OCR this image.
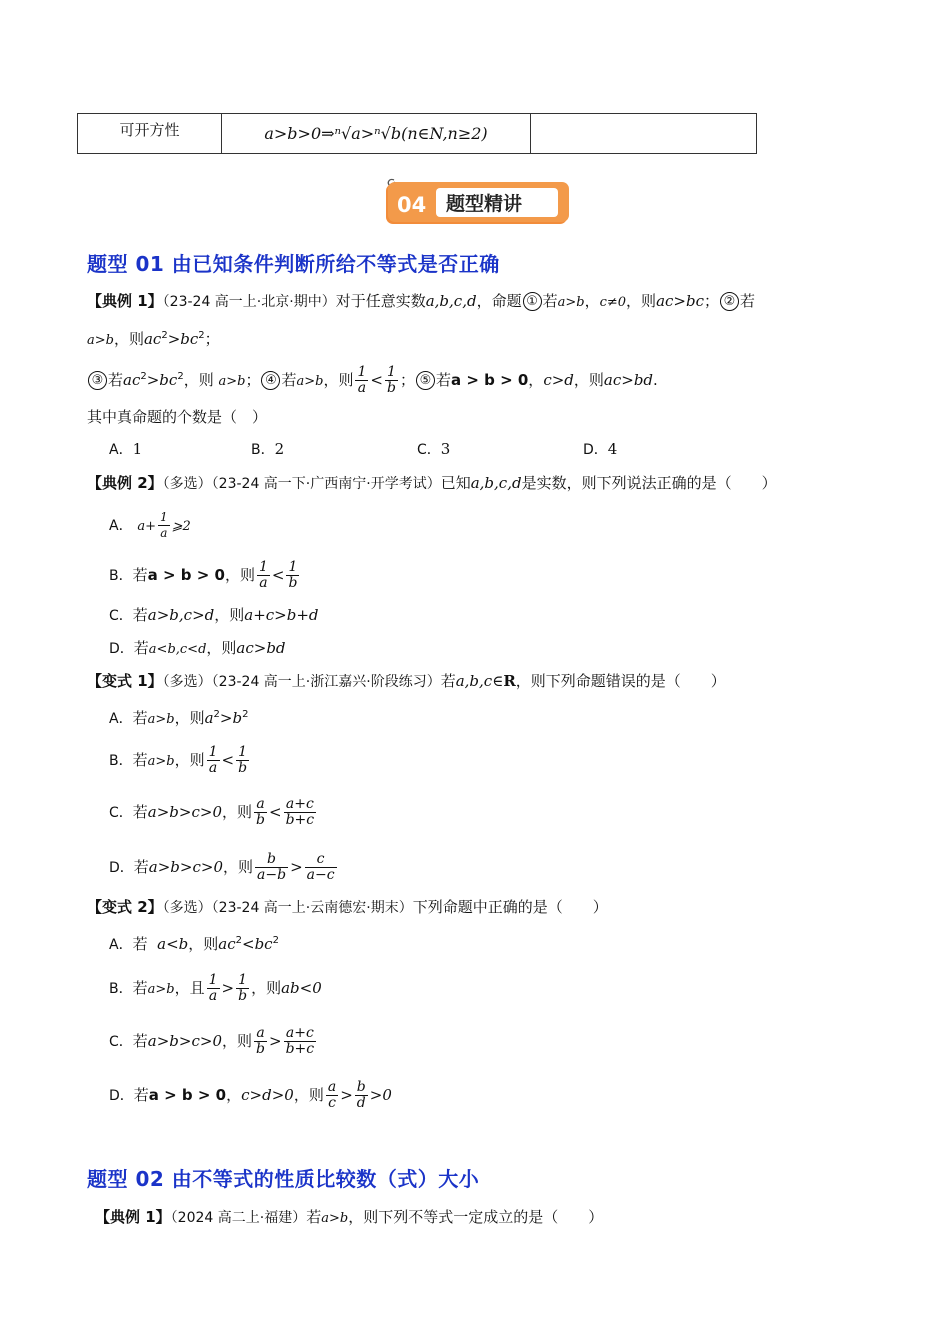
可开方性	a>b>0⇒ⁿ√a>ⁿ√b(n∈N,n≥2)
04 题型精讲
题型 01 由已知条件判断所给不等式是否正确
【典例 1】（23-24 高一上·北京·期中）对于任意实数a,b,c,d，命题 ① 若a>b，c≠0，则ac>bc； ② 若
a>b，则$ac^2>bc^2$；
③ 若$ac^2>bc^2$，则 a>b； ④ 若a>b，则 $\frac{1}{a} < \frac{1}{b}$ ； ⑤ 若a > b > 0，c>d，则ac>bd.
其中真命题的个数是（　）
A．1	B．2	C．3	D．4
【典例 2】（多选）（23-24 高一下·广西南宁·开学考试）已知a,b,c,d是实数，则下列说法正确的是（　　）
A． $a+ \frac{1}{a}$ ⩾2
B．若a > b > 0，则 $\frac{1}{a} < \frac{1}{b}$
C．若a>b,c>d，则a+c>b+d
D．若a<b,c<d，则ac>bd
【变式 1】（多选）（23-24 高一上·浙江嘉兴·阶段练习）若a,b,c∈R，则下列命题错误的是（　　）
A．若a>b，则$a^2>b^2$
B．若a>b，则 $\frac{1}{a} < \frac{1}{b}$
C．若a>b>c>0，则 $\frac{a}{b} < \frac{a+c}{b+c}$
D．若a>b>c>0，则 $\frac{b}{a-b} > \frac{c}{a-c}$
【变式 2】（多选）（23-24 高一上·云南德宏·期末）下列命题中正确的是（　　）
A．若  a<b，则$ac^2<bc^2$
B．若a>b，且 $\frac{1}{a} > \frac{1}{b}$ ，则ab<0
C．若a>b>c>0，则 $\frac{a}{b} > \frac{a+c}{b+c}$
D．若a > b > 0，c>d>0，则 $\frac{a}{c} > \frac{b}{d} >0$
题型 02 由不等式的性质比较数（式）大小
【典例 1】（2024 高二上·福建）若a>b，则下列不等式一定成立的是（　　）
